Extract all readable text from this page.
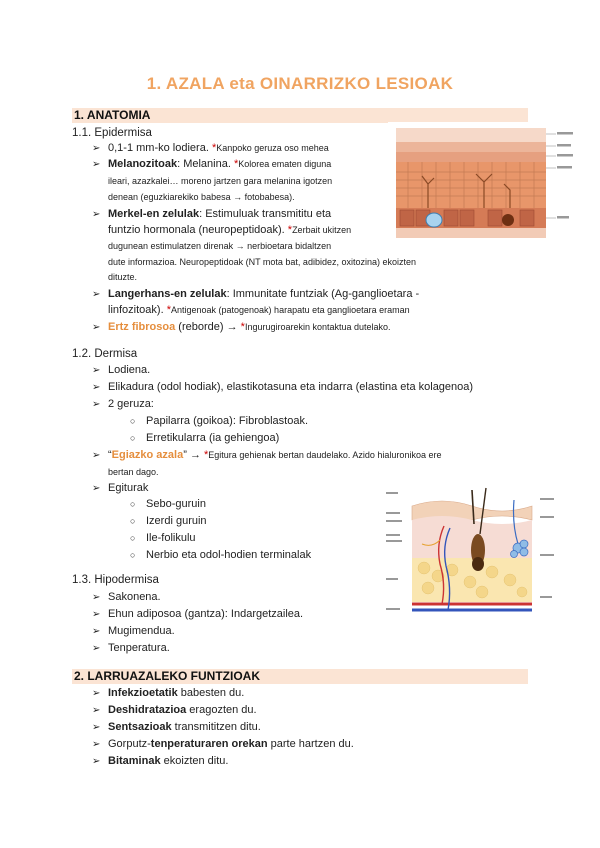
1. AZALA eta OINARRIZKO LESIOAK
1. ANATOMIA
1.1. Epidermisa
➢ 0,1-1 mm-ko lodiera. *Kanpoko geruza oso mehea
➢ Melanozitoak: Melanina. *Kolorea ematen diguna
ileari, azazkalei… moreno jartzen gara melanina igotzen
denean (eguzkiarekiko babesa → fotobabesa).
➢ Merkel-en zelulak: Estimuluak transmititu eta
funtzio hormonala (neuropeptidoak). *Zerbait ukitzen
dugunean estimulatzen direnak → nerbioetara bidaltzen
dute informazioa. Neuropeptidoak (NT mota bat, adibidez, oxitozina) ekoizten
dituzte.
➢ Langerhans-en zelulak: Immunitate funtziak (Ag-ganglioetara -
linfozitoak). *Antigenoak (patogenoak) harapatu eta ganglioetara eraman
➢ Ertz fibrosoa (reborde) → *Ingurugiroarekin kontaktua dutelako.
1.2. Dermisa
➢ Lodiena.
➢ Elikadura (odol hodiak), elastikotasuna eta indarra (elastina eta kolagenoa)
➢ 2 geruza:
○ Papilarra (goikoa): Fibroblastoak.
○ Erretikularra (ia gehiengoa)
➢ “Egiazko azala” → *Egitura gehienak bertan daudelako. Azido hialuronikoa ere
bertan dago.
➢ Egiturak
○ Sebo-guruin
○ Izerdi guruin
○ Ile-folikulu
○ Nerbio eta odol-hodien terminalak
1.3. Hipodermisa
➢ Sakonena.
➢ Ehun adiposoa (gantza): Indargetzailea.
➢ Mugimendua.
➢ Tenperatura.
2. LARRUAZALEKO FUNTZIOAK
➢ Infekzioetatik babesten du.
➢ Deshidratazioa eragozten du.
➢ Sentsazioak transmititzen ditu.
➢ Gorputz-tenperaturaren orekan parte hartzen du.
➢ Bitaminak ekoizten ditu.
